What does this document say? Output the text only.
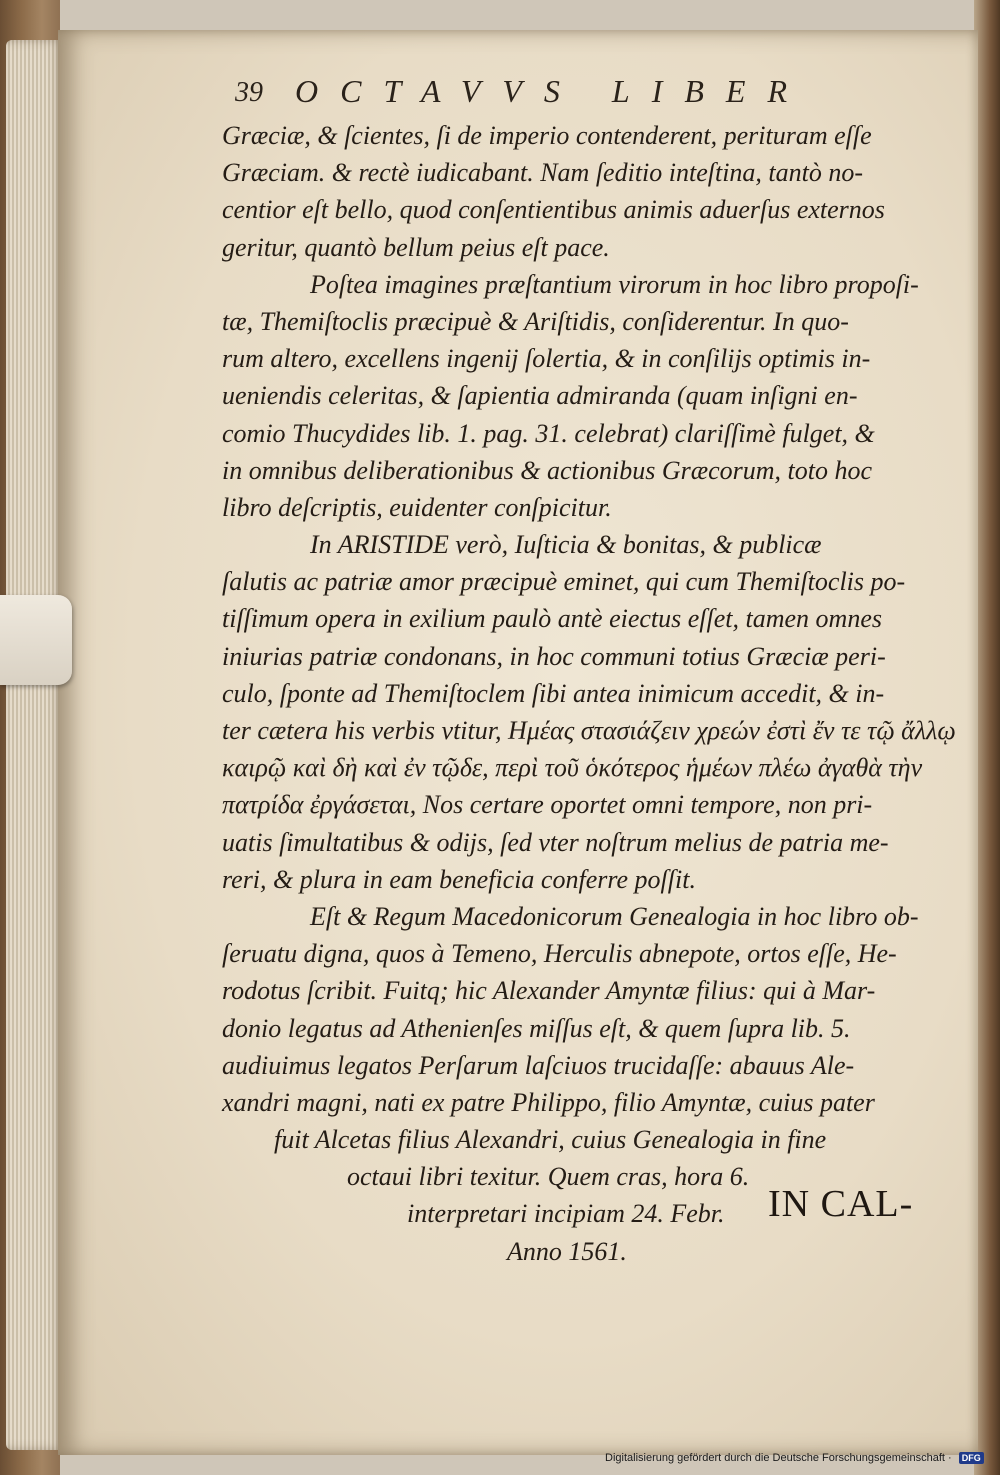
39 OCTAVVS LIBER
Græciæ, & ſcientes, ſi de imperio contenderent, perituram eſſe
Græciam. & rectè iudicabant. Nam ſeditio inteſtina, tantò no-
centior eſt bello, quod conſentientibus animis aduerſus externos
geritur, quantò bellum peius eſt pace.
Poſtea imagines præſtantium virorum in hoc libro propoſi-
tæ, Themiſtoclis præcipuè & Ariſtidis, conſiderentur. In quo-
rum altero, excellens ingenij ſolertia, & in conſilijs optimis in-
ueniendis celeritas, & ſapientia admiranda (quam inſigni en-
comio Thucydides lib. 1. pag. 31. celebrat) clariſſimè fulget, &
in omnibus deliberationibus & actionibus Græcorum, toto hoc
libro deſcriptis, euidenter conſpicitur.
In ARISTIDE verò, Iuſticia & bonitas, & publicæ
ſalutis ac patriæ amor præcipuè eminet, qui cum Themiſtoclis po-
tiſſimum opera in exilium paulò antè eiectus eſſet, tamen omnes
iniurias patriæ condonans, in hoc communi totius Græciæ peri-
culo, ſponte ad Themiſtoclem ſibi antea inimicum accedit, & in-
ter cætera his verbis vtitur, Ημέας στασιάζειν χρεών ἐστὶ ἔν τε τῷ ἄλλῳ
καιρῷ καὶ δὴ καὶ ἐν τῷδε, περὶ τοῦ ὁκότερος ἡμέων πλέω ἀγαθὰ τὴν
πατρίδα ἐργάσεται, Nos certare oportet omni tempore, non pri-
uatis ſimultatibus & odijs, ſed vter noſtrum melius de patria me-
reri, & plura in eam beneficia conferre poſſit.
Eſt & Regum Macedonicorum Genealogia in hoc libro ob-
ſeruatu digna, quos à Temeno, Herculis abnepote, ortos eſſe, He-
rodotus ſcribit. Fuitq; hic Alexander Amyntæ filius: qui à Mar-
donio legatus ad Athenienſes miſſus eſt, & quem ſupra lib. 5.
audiuimus legatos Perſarum laſciuos trucidaſſe: abauus Ale-
xandri magni, nati ex patre Philippo, filio Amyntæ, cuius pater
fuit Alcetas filius Alexandri, cuius Genealogia in fine
octaui libri texitur. Quem cras, hora 6.
interpretari incipiam 24. Febr.
Anno 1561.
IN CAL-
Digitalisierung gefördert durch die Deutsche Forschungsgemeinschaft · DFG
